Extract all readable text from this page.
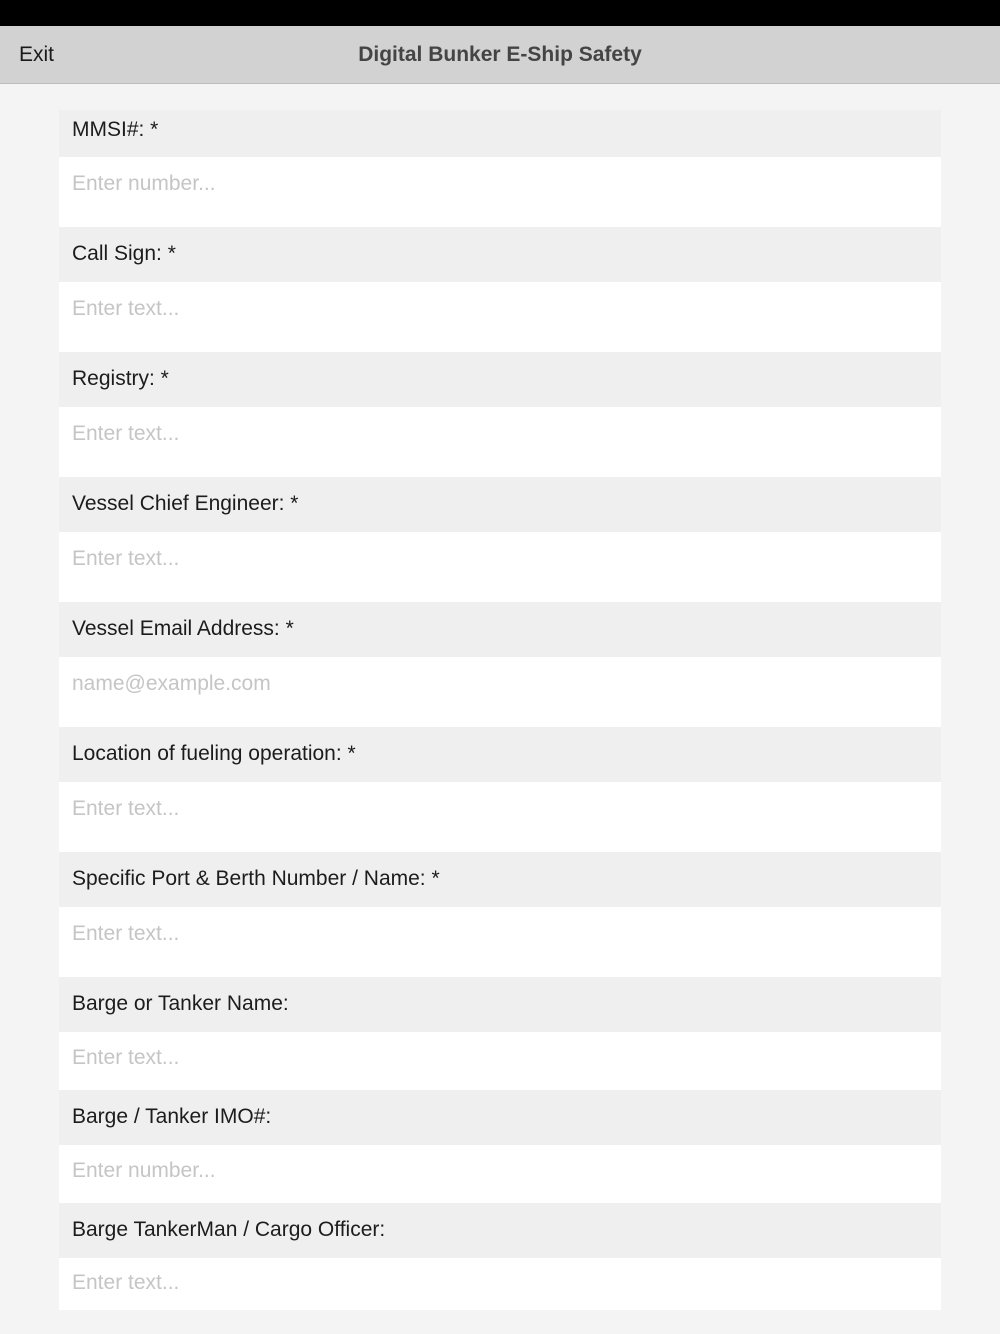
Exit	Digital Bunker E-Ship Safety
MMSI#: *
Enter number...
Call Sign: *
Enter text...
Registry: *
Enter text...
Vessel Chief Engineer: *
Enter text...
Vessel Email Address: *
name@example.com
Location of fueling operation: *
Enter text...
Specific Port & Berth Number / Name: *
Enter text...
Barge or Tanker Name:
Enter text...
Barge / Tanker IMO#:
Enter number...
Barge TankerMan / Cargo Officer:
Enter text...
